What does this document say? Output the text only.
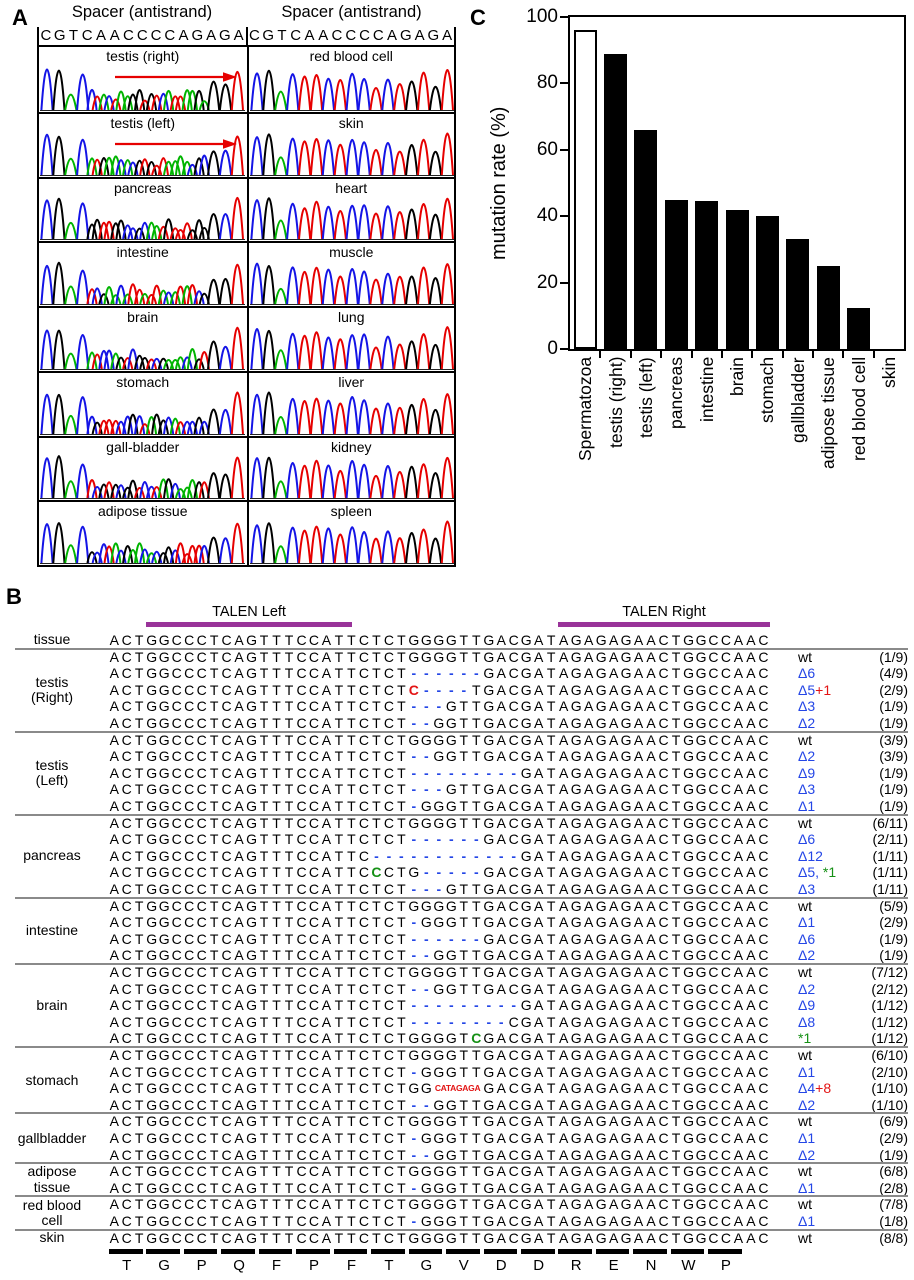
A	Spacer (antistrand)	Spacer (antistrand)
C G T C A A C C C C A G A G A C G T C A A C C C C A G A G A
testis (right)	red blood cell
testis (left)	skin
pancreas	heart
intestine	muscle
brain	lung
stomach	liver
gall-bladder	kidney
adipose tissue	spleen
C
mutation rate (%)
B
TALEN Left	TALEN Right
tissue	A C T G G C C C T C A G T T T C C A T T C T C T G G G G T T G A C G A T A G A G A G A A C T G G C C A A C
testis
(Right)
A C T G G C C C T C A G T T T C C A T T C T C T G G G G T T G A C G A T A G A G A G A A C T G G C C A A C wt	(1/9)
A C T G G C C C T C A G T T T C C A T T C T C T - - - - - - G A C G A T A G A G A G A A C T G G C C A A C Δ6	(4/9)
A C T G G C C C T C A G T T T C C A T T C T C T C - - - - T G A C G A T A G A G A G A A C T G G C C A A C Δ5+1	(2/9)
A C T G G C C C T C A G T T T C C A T T C T C T - - - G T T G A C G A T A G A G A G A A C T G G C C A A C Δ3	(1/9)
A C T G G C C C T C A G T T T C C A T T C T C T - - G G T T G A C G A T A G A G A G A A C T G G C C A A C Δ2	(1/9)
testis
(Left)
A C T G G C C C T C A G T T T C C A T T C T C T G G G G T T G A C G A T A G A G A G A A C T G G C C A A C wt	(3/9)
A C T G G C C C T C A G T T T C C A T T C T C T - - G G T T G A C G A T A G A G A G A A C T G G C C A A C Δ2	(3/9)
A C T G G C C C T C A G T T T C C A T T C T C T - - - - - - - - - G A T A G A G A G A A C T G G C C A A C Δ9	(1/9)
A C T G G C C C T C A G T T T C C A T T C T C T - - - G T T G A C G A T A G A G A G A A C T G G C C A A C Δ3	(1/9)
A C T G G C C C T C A G T T T C C A T T C T C T - G G G T T G A C G A T A G A G A G A A C T G G C C A A C Δ1	(1/9)
pancreas
A C T G G C C C T C A G T T T C C A T T C T C T G G G G T T G A C G A T A G A G A G A A C T G G C C A A C wt	(6/11)
A C T G G C C C T C A G T T T C C A T T C T C T - - - - - - G A C G A T A G A G A G A A C T G G C C A A C Δ6	(2/11)
A C T G G C C C T C A G T T T C C A T T C - - - - - - - - - - - - G A T A G A G A G A A C T G G C C A A C Δ12	(1/11)
A C T G G C C C T C A G T T T C C A T T C C C T G - - - - - G A C G A T A G A G A G A A C T G G C C A A C Δ5, *1	(1/11)
A C T G G C C C T C A G T T T C C A T T C T C T - - - G T T G A C G A T A G A G A G A A C T G G C C A A C Δ3	(1/11)
intestine
A C T G G C C C T C A G T T T C C A T T C T C T G G G G T T G A C G A T A G A G A G A A C T G G C C A A C wt	(5/9)
A C T G G C C C T C A G T T T C C A T T C T C T - G G G T T G A C G A T A G A G A G A A C T G G C C A A C Δ1	(2/9)
A C T G G C C C T C A G T T T C C A T T C T C T - - - - - - G A C G A T A G A G A G A A C T G G C C A A C Δ6	(1/9)
A C T G G C C C T C A G T T T C C A T T C T C T - - G G T T G A C G A T A G A G A G A A C T G G C C A A C Δ2	(1/9)
brain
A C T G G C C C T C A G T T T C C A T T C T C T G G G G T T G A C G A T A G A G A G A A C T G G C C A A C wt	(7/12)
A C T G G C C C T C A G T T T C C A T T C T C T - - G G T T G A C G A T A G A G A G A A C T G G C C A A C Δ2	(2/12)
A C T G G C C C T C A G T T T C C A T T C T C T - - - - - - - - - G A T A G A G A G A A C T G G C C A A C Δ9	(1/12)
A C T G G C C C T C A G T T T C C A T T C T C T - - - - - - - - C G A T A G A G A G A A C T G G C C A A C Δ8	(1/12)
A C T G G C C C T C A G T T T C C A T T C T C T G G G G T C G A C G A T A G A G A G A A C T G G C C A A C *1	(1/12)
stomach
A C T G G C C C T C A G T T T C C A T T C T C T G G G G T T G A C G A T A G A G A G A A C T G G C C A A C wt	(6/10)
A C T G G C C C T C A G T T T C C A T T C T C T - G G G T T G A C G A T A G A G A G A A C T G G C C A A C Δ1	(2/10)
A C T G G C C C T C A G T T T C C A T T C T C T G G CATAGAGA G A C G A T A G A G A G A A C T G G C C A A C Δ4+8	(1/10)
A C T G G C C C T C A G T T T C C A T T C T C T - - G G T T G A C G A T A G A G A G A A C T G G C C A A C Δ2	(1/10)
gallbladder
A C T G G C C C T C A G T T T C C A T T C T C T G G G G T T G A C G A T A G A G A G A A C T G G C C A A C wt	(6/9)
A C T G G C C C T C A G T T T C C A T T C T C T - G G G T T G A C G A T A G A G A G A A C T G G C C A A C Δ1	(2/9)
A C T G G C C C T C A G T T T C C A T T C T C T - - G G T T G A C G A T A G A G A G A A C T G G C C A A C Δ2	(1/9)
adipose
tissue
A C T G G C C C T C A G T T T C C A T T C T C T G G G G T T G A C G A T A G A G A G A A C T G G C C A A C wt	(6/8)
A C T G G C C C T C A G T T T C C A T T C T C T - G G G T T G A C G A T A G A G A G A A C T G G C C A A C Δ1	(2/8)
red blood
cell
A C T G G C C C T C A G T T T C C A T T C T C T G G G G T T G A C G A T A G A G A G A A C T G G C C A A C wt	(7/8)
A C T G G C C C T C A G T T T C C A T T C T C T - G G G T T G A C G A T A G A G A G A A C T G G C C A A C Δ1	(1/8)
skin	A C T G G C C C T C A G T T T C C A T T C T C T G G G G T T G A C G A T A G A G A G A A C T G G C C A A C wt	(8/8)
T	G	P	Q	F	P	F	T	G	V	D	D	R	E	N	W	P
0
20
40
60
80
100
Spermatozoa testis (right) testis (left) pancreas intestine brain stomach gallbladder adipose tissue red blood cell skin
